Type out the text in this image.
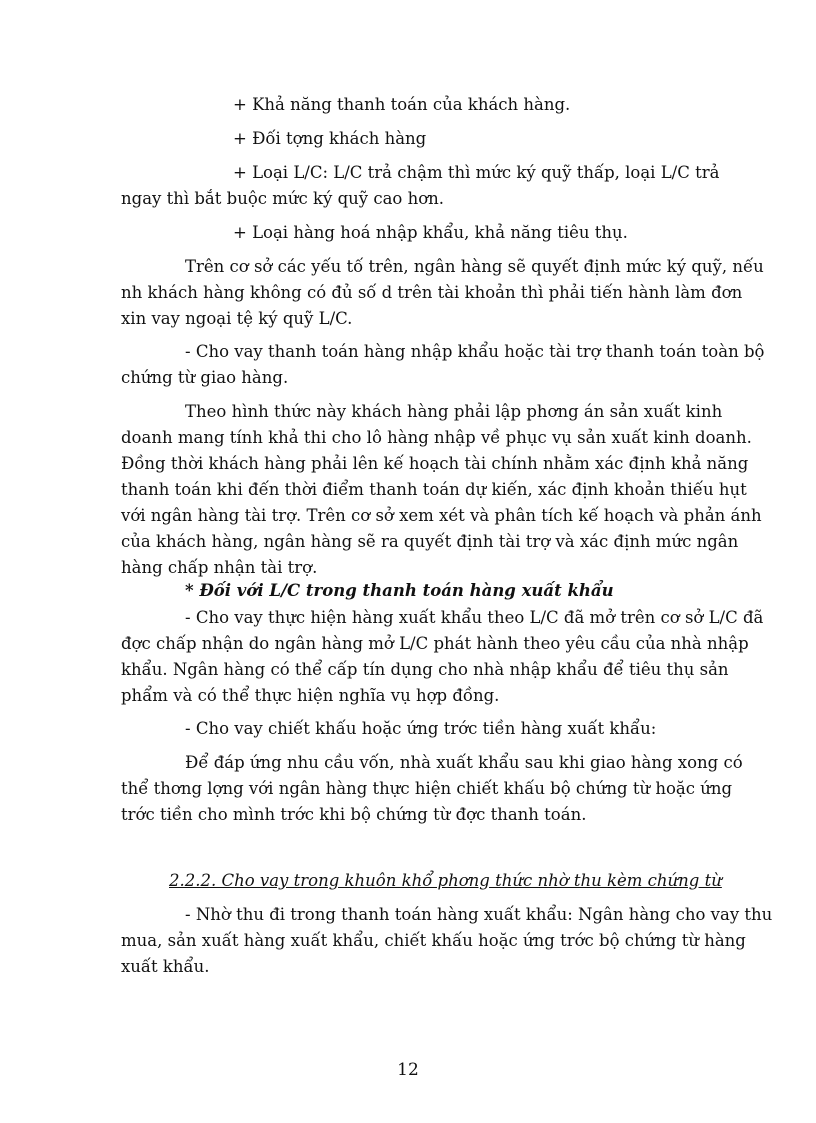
+ Khả năng thanh toán của khách hàng.
+ Đối tợng khách hàng
+ Loại L/C: L/C trả chậm thì mức ký quỹ thấp, loại L/C trả
ngay thì bắt buộc mức ký quỹ cao hơn.
+ Loại hàng hoá nhập khẩu, khả năng tiêu thụ.
Trên cơ sở các yếu tố trên, ngân hàng sẽ quyết định mức ký quỹ, nếu
nh khách hàng không có đủ số d trên tài khoản thì phải tiến hành làm đơn
xin vay ngoại tệ ký quỹ L/C.
- Cho vay thanh toán hàng nhập khẩu hoặc tài trợ thanh toán toàn bộ
chứng từ giao hàng.
Theo hình thức này khách hàng phải lập phơng án sản xuất kinh
doanh mang tính khả thi cho lô hàng nhập về phục vụ sản xuất kinh doanh.
Đồng thời khách hàng phải lên kế hoạch tài chính nhằm xác định khả năng
thanh toán khi đến thời điểm thanh toán dự kiến, xác định khoản thiếu hụt
với ngân hàng tài trợ. Trên cơ sở xem xét và phân tích kế hoạch và phản ánh
của khách hàng, ngân hàng sẽ ra quyết định tài trợ và xác định mức ngân
hàng chấp nhận tài trợ.
* Đối với L/C trong thanh toán hàng xuất khẩu
- Cho vay thực hiện hàng xuất khẩu theo L/C đã mở trên cơ sở L/C đã
đợc chấp nhận do ngân hàng mở L/C phát hành theo yêu cầu của nhà nhập
khẩu. Ngân hàng có thể cấp tín dụng cho nhà nhập khẩu để tiêu thụ sản
phẩm và có thể thực hiện nghĩa vụ hợp đồng.
- Cho vay chiết khấu hoặc ứng trớc tiền hàng xuất khẩu:
Để đáp ứng nhu cầu vốn, nhà xuất khẩu sau khi giao hàng xong có
thể thơng lợng với ngân hàng thực hiện chiết khấu bộ chứng từ hoặc ứng
trớc tiền cho mình trớc khi bộ chứng từ đợc thanh toán.
2.2.2. Cho vay trong khuôn khổ phơng thức nhờ thu kèm chứng từ
- Nhờ thu đi trong thanh toán hàng xuất khẩu: Ngân hàng cho vay thu
mua, sản xuất hàng xuất khẩu, chiết khấu hoặc ứng trớc bộ chứng từ hàng
xuất khẩu.
12
